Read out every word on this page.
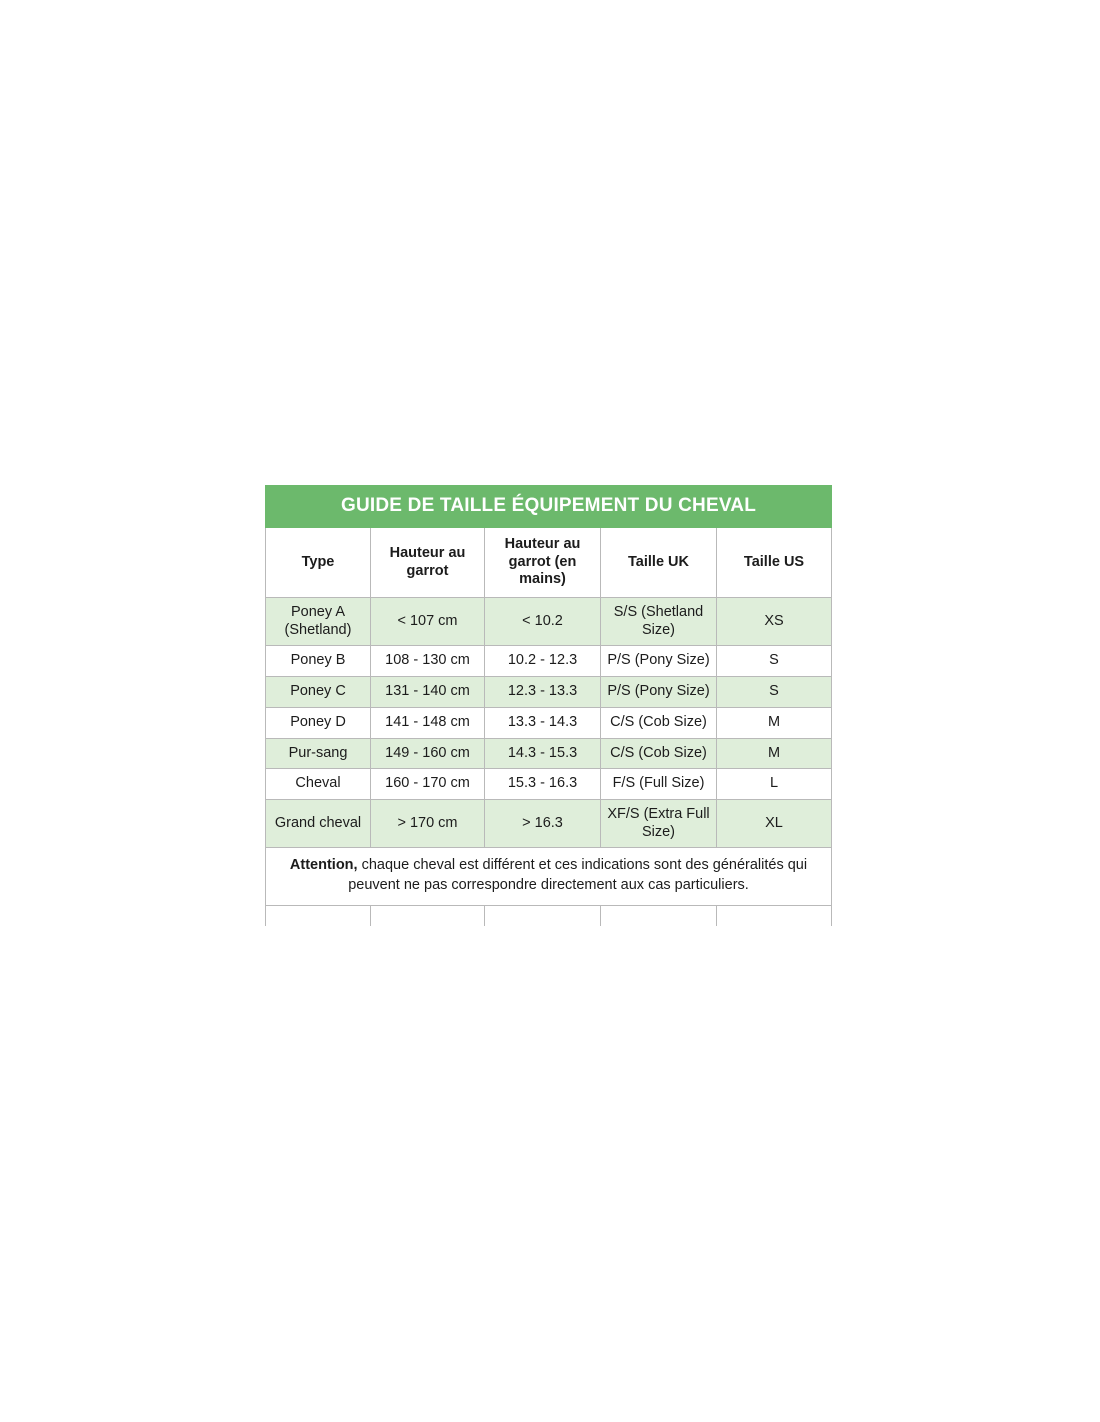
GUIDE DE TAILLE ÉQUIPEMENT DU CHEVAL				
Type	Hauteur au garrot	Hauteur au garrot (en mains)	Taille UK	Taille US
Poney A (Shetland)	< 107 cm	< 10.2	S/S (Shetland Size)	XS
Poney B	108 - 130 cm	10.2 - 12.3	P/S (Pony Size)	S
Poney C	131 - 140 cm	12.3 - 13.3	P/S (Pony Size)	S
Poney D	141 - 148 cm	13.3 - 14.3	C/S (Cob Size)	M
Pur-sang	149 - 160 cm	14.3 - 15.3	C/S (Cob Size)	M
Cheval	160 - 170 cm	15.3 - 16.3	F/S (Full Size)	L
Grand cheval	> 170 cm	> 16.3	XF/S (Extra Full Size)	XL
Attention, chaque cheval est différent et ces indications sont des généralités qui peuvent ne pas correspondre directement aux cas particuliers.				
